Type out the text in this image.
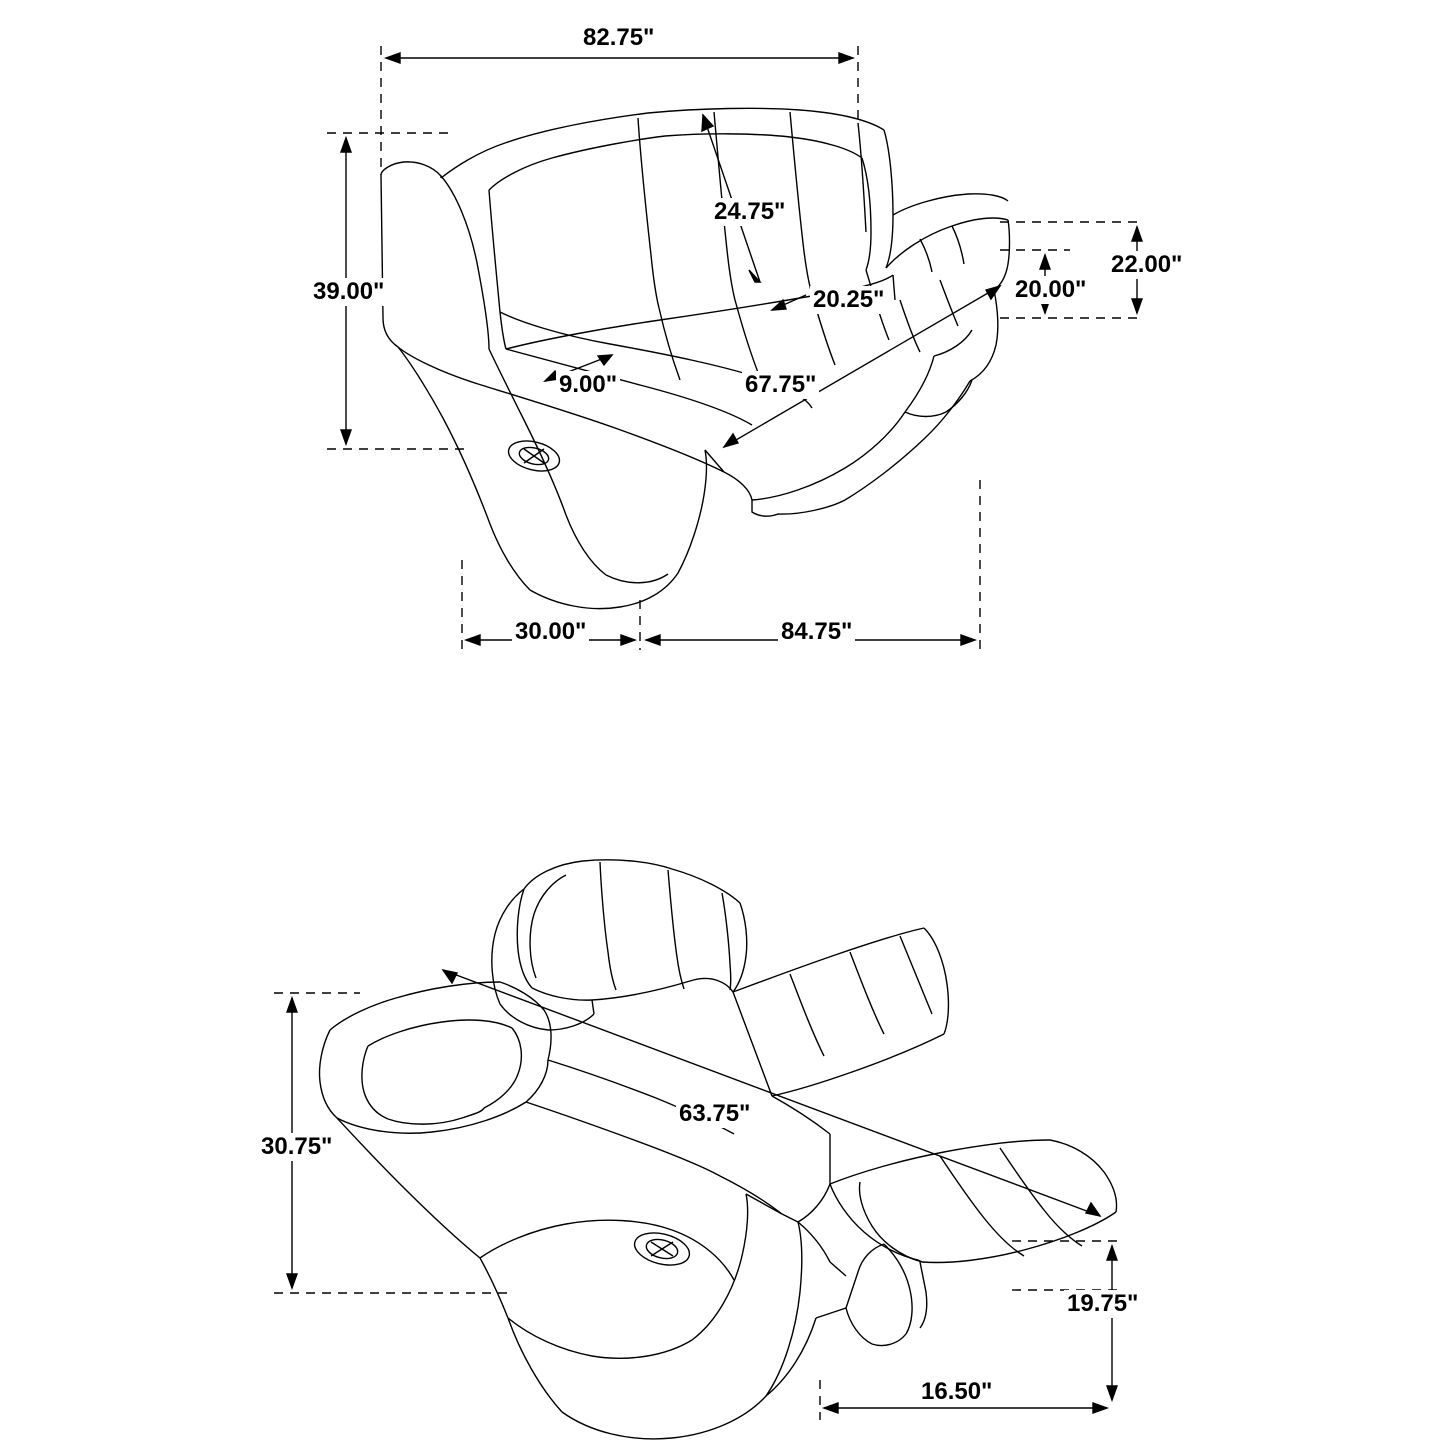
82.75"
24.75"
22.00"
20.25"	20.00"
39.00"
9.00"	67.75"
30.00"	84.75"
30.75"
63.75"
19.75"
16.50"
